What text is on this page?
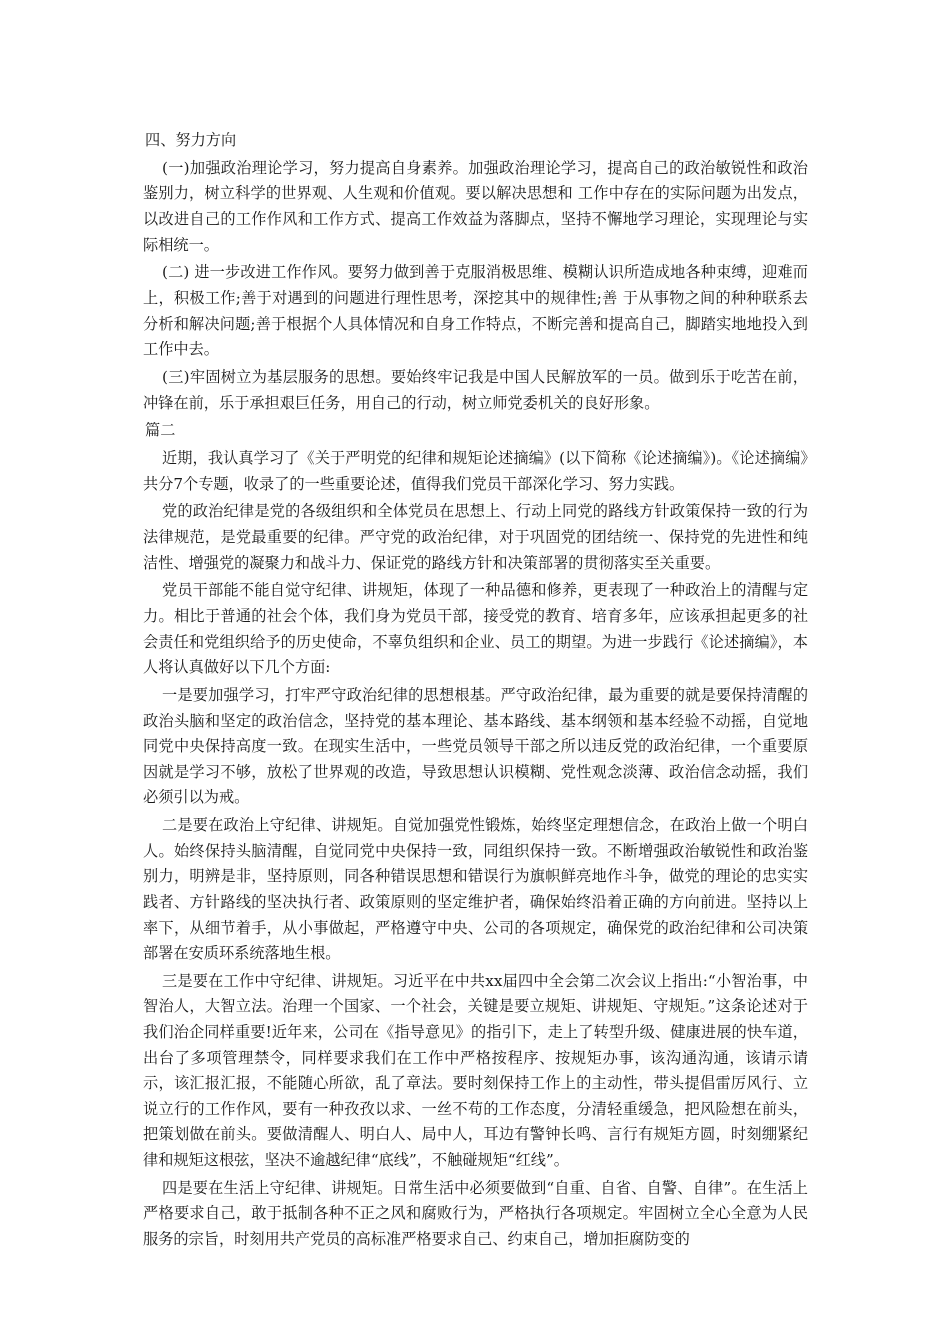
四、努力方向

(一)加强政治理论学习，努力提高自身素养。加强政治理论学习，提高自己的政治敏锐性和政治鉴别力，树立科学的世界观、人生观和价值观。要以解决思想和 工作中存在的实际问题为出发点，以改进自己的工作作风和工作方式、提高工作效益为落脚点，坚持不懈地学习理论，实现理论与实际相统一。

(二) 进一步改进工作作风。要努力做到善于克服消极思维、模糊认识所造成地各种束缚，迎难而上，积极工作;善于对遇到的问题进行理性思考，深挖其中的规律性;善 于从事物之间的种种联系去分析和解决问题;善于根据个人具体情况和自身工作特点，不断完善和提高自己，脚踏实地地投入到工作中去。

(三)牢固树立为基层服务的思想。要始终牢记我是中国人民解放军的一员。做到乐于吃苦在前，冲锋在前，乐于承担艰巨任务，用自己的行动，树立师党委机关的良好形象。

篇二

近期，我认真学习了《关于严明党的纪律和规矩论述摘编》(以下简称《论述摘编》)。《论述摘编》共分7个专题，收录了的一些重要论述，值得我们党员干部深化学习、努力实践。

党的政治纪律是党的各级组织和全体党员在思想上、行动上同党的路线方针政策保持一致的行为法律规范，是党最重要的纪律。严守党的政治纪律，对于巩固党的团结统一、保持党的先进性和纯洁性、增强党的凝聚力和战斗力、保证党的路线方针和决策部署的贯彻落实至关重要。

党员干部能不能自觉守纪律、讲规矩，体现了一种品德和修养，更表现了一种政治上的清醒与定力。相比于普通的社会个体，我们身为党员干部，接受党的教育、培育多年，应该承担起更多的社会责任和党组织给予的历史使命，不辜负组织和企业、员工的期望。为进一步践行《论述摘编》，本人将认真做好以下几个方面:

一是要加强学习，打牢严守政治纪律的思想根基。严守政治纪律，最为重要的就是要保持清醒的政治头脑和坚定的政治信念，坚持党的基本理论、基本路线、基本纲领和基本经验不动摇，自觉地同党中央保持高度一致。在现实生活中，一些党员领导干部之所以违反党的政治纪律，一个重要原因就是学习不够，放松了世界观的改造，导致思想认识模糊、党性观念淡薄、政治信念动摇，我们必须引以为戒。

二是要在政治上守纪律、讲规矩。自觉加强党性锻炼，始终坚定理想信念，在政治上做一个明白人。始终保持头脑清醒，自觉同党中央保持一致，同组织保持一致。不断增强政治敏锐性和政治鉴别力，明辨是非，坚持原则，同各种错误思想和错误行为旗帜鲜亮地作斗争，做党的理论的忠实实践者、方针路线的坚决执行者、政策原则的坚定维护者，确保始终沿着正确的方向前进。坚持以上率下，从细节着手，从小事做起，严格遵守中央、公司的各项规定，确保党的政治纪律和公司决策部署在安质环系统落地生根。

三是要在工作中守纪律、讲规矩。习近平在中共xx届四中全会第二次会议上指出:“小智治事，中智治人，大智立法。治理一个国家、一个社会，关键是要立规矩、讲规矩、守规矩。”这条论述对于我们治企同样重要!近年来，公司在《指导意见》的指引下，走上了转型升级、健康进展的快车道，出台了多项管理禁令，同样要求我们在工作中严格按程序、按规矩办事，该沟通沟通，该请示请示，该汇报汇报，不能随心所欲，乱了章法。要时刻保持工作上的主动性，带头提倡雷厉风行、立说立行的工作作风，要有一种孜孜以求、一丝不苟的工作态度，分清轻重缓急，把风险想在前头，把策划做在前头。要做清醒人、明白人、局中人，耳边有警钟长鸣、言行有规矩方圆，时刻绷紧纪律和规矩这根弦，坚决不逾越纪律“底线”，不触碰规矩“红线”。

四是要在生活上守纪律、讲规矩。日常生活中必须要做到“自重、自省、自警、自律”。在生活上严格要求自己，敢于抵制各种不正之风和腐败行为，严格执行各项规定。牢固树立全心全意为人民服务的宗旨，时刻用共产党员的高标准严格要求自己、约束自己，增加拒腐防变的
